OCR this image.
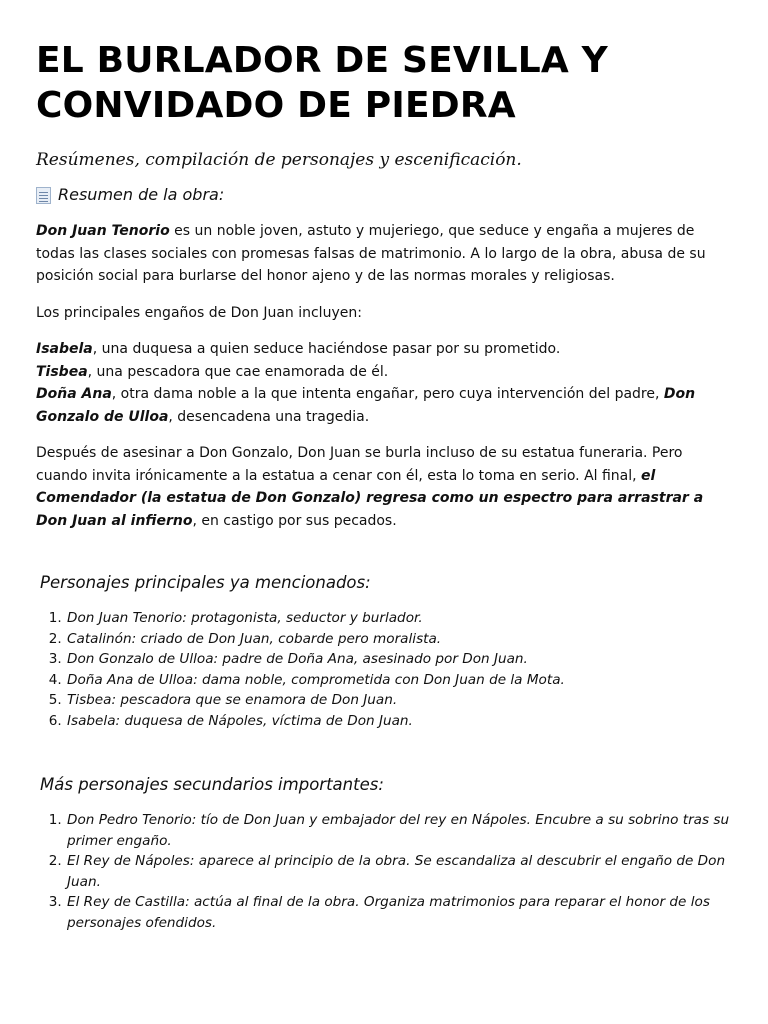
EL BURLADOR DE SEVILLA Y
CONVIDADO DE PIEDRA
Resúmenes, compilación de personajes y escenificación.
Resumen de la obra:

Don Juan Tenorio es un noble joven, astuto y mujeriego, que seduce y engaña a mujeres de todas las clases sociales con promesas falsas de matrimonio. A lo largo de la obra, abusa de su posición social para burlarse del honor ajeno y de las normas morales y religiosas.

Los principales engaños de Don Juan incluyen:

Isabela, una duquesa a quien seduce haciéndose pasar por su prometido.

Tisbea, una pescadora que cae enamorada de él.

Doña Ana, otra dama noble a la que intenta engañar, pero cuya intervención del padre, Don Gonzalo de Ulloa, desencadena una tragedia.

Después de asesinar a Don Gonzalo, Don Juan se burla incluso de su estatua funeraria. Pero cuando invita irónicamente a la estatua a cenar con él, esta lo toma en serio. Al final, el Comendador (la estatua de Don Gonzalo) regresa como un espectro para arrastrar a Don Juan al infierno, en castigo por sus pecados.

Personajes principales ya mencionados:
1. Don Juan Tenorio: protagonista, seductor y burlador.
2. Catalinón: criado de Don Juan, cobarde pero moralista.
3. Don Gonzalo de Ulloa: padre de Doña Ana, asesinado por Don Juan.
4. Doña Ana de Ulloa: dama noble, comprometida con Don Juan de la Mota.
5. Tisbea: pescadora que se enamora de Don Juan.
6. Isabela: duquesa de Nápoles, víctima de Don Juan.
Más personajes secundarios importantes:
1. Don Pedro Tenorio: tío de Don Juan y embajador del rey en Nápoles. Encubre a su sobrino tras su primer engaño.
2. El Rey de Nápoles: aparece al principio de la obra. Se escandaliza al descubrir el engaño de Don Juan.
3. El Rey de Castilla: actúa al final de la obra. Organiza matrimonios para reparar el honor de los personajes ofendidos.
